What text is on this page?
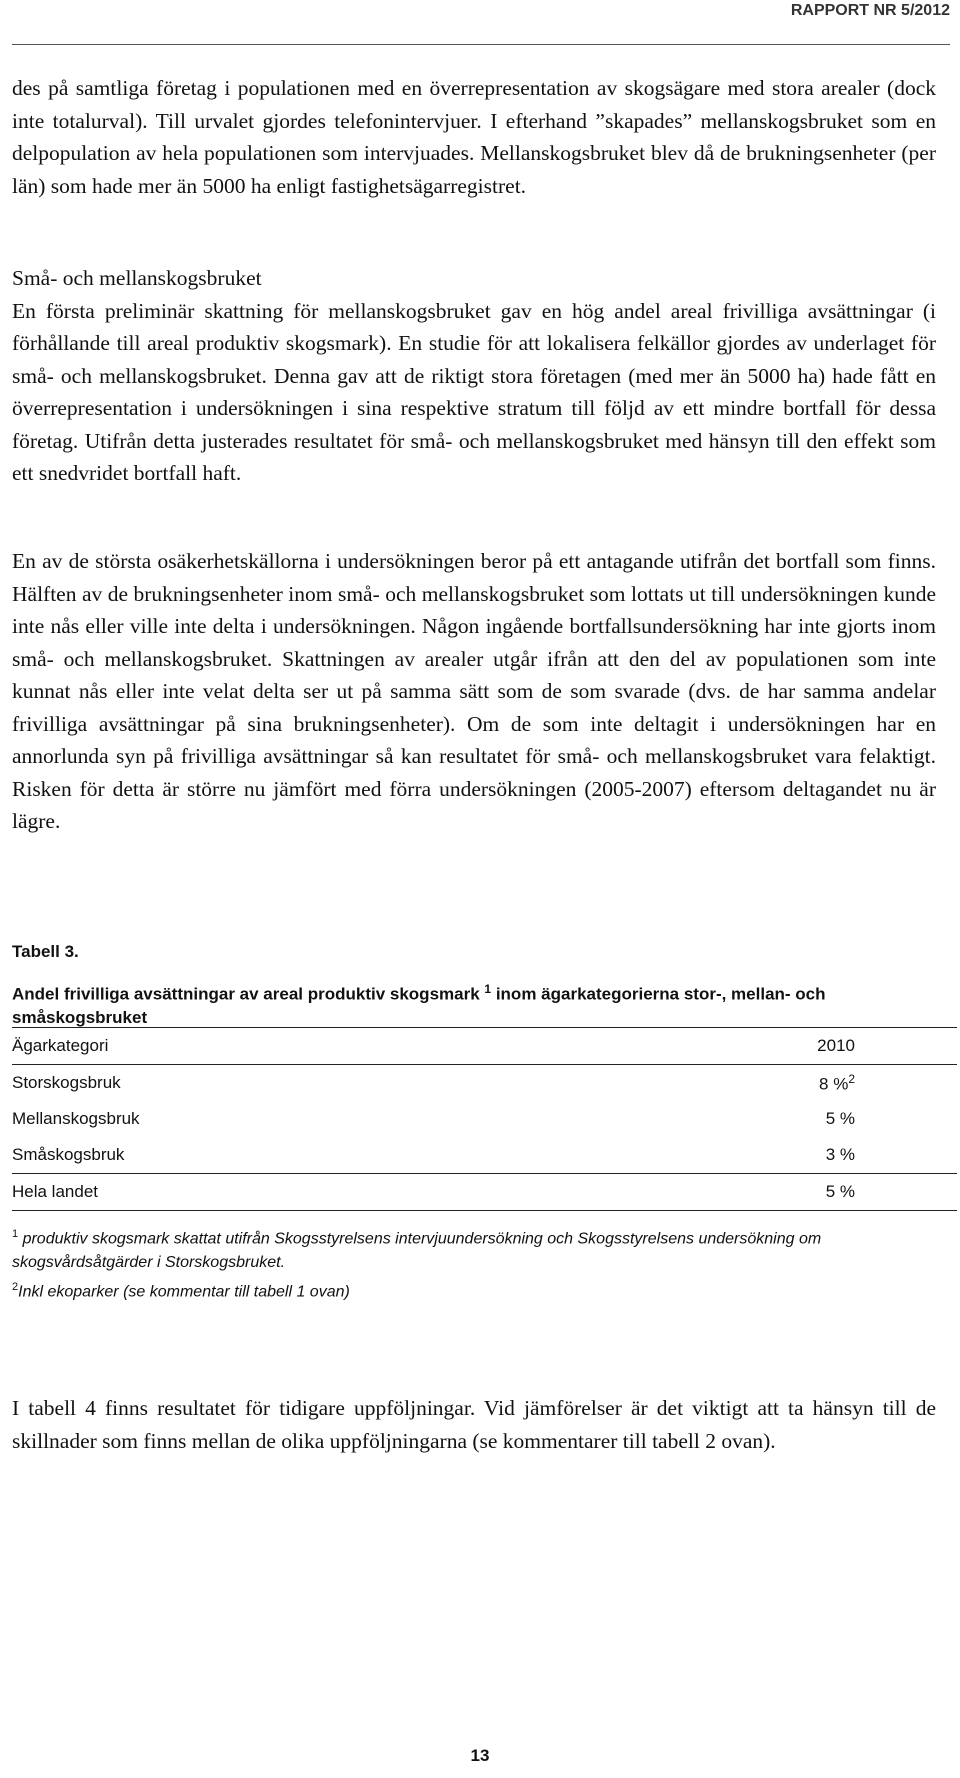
RAPPORT NR 5/2012

des på samtliga företag i populationen med en överrepresentation av skogsägare med stora arealer (dock inte totalurval). Till urvalet gjordes telefonintervjuer. I efterhand ”skapades” mellanskogsbruket som en delpopulation av hela populationen som intervjuades. Mellanskogsbruket blev då de brukningsenheter (per län) som hade mer än 5000 ha enligt fastighetsägarregistret.

Små- och mellanskogsbruket

En första preliminär skattning för mellanskogsbruket gav en hög andel areal frivilliga avsättningar (i förhållande till areal produktiv skogsmark). En studie för att lokalisera felkällor gjordes av underlaget för små- och mellanskogsbruket. Denna gav att de riktigt stora företagen (med mer än 5000 ha) hade fått en överrepresentation i undersökningen i sina respektive stratum till följd av ett mindre bortfall för dessa företag. Utifrån detta justerades resultatet för små- och mellanskogsbruket med hänsyn till den effekt som ett snedvridet bortfall haft.

En av de största osäkerhetskällorna i undersökningen beror på ett antagande utifrån det bortfall som finns. Hälften av de brukningsenheter inom små- och mellanskogsbruket som lottats ut till undersökningen kunde inte nås eller ville inte delta i undersökningen. Någon ingående bortfallsundersökning har inte gjorts inom små- och mellanskogsbruket. Skattningen av arealer utgår ifrån att den del av populationen som inte kunnat nås eller inte velat delta ser ut på samma sätt som de som svarade (dvs. de har samma andelar frivilliga avsättningar på sina brukningsenheter). Om de som inte deltagit i undersökningen har en annorlunda syn på frivilliga avsättningar så kan resultatet för små- och mellanskogsbruket vara felaktigt. Risken för detta är större nu jämfört med förra undersökningen (2005-2007) eftersom deltagandet nu är lägre.

Tabell 3.
Andel frivilliga avsättningar av areal produktiv skogsmark $^1$ inom ägarkategorierna stor-, mellan- och småskogsbruket
Ägarkategori	2010
Storskogsbruk	8 %$^2$
Mellanskogsbruk	5 %
Småskogsbruk	3 %
Hela landet	5 %

$^1$ produktiv skogsmark skattat utifrån Skogsstyrelsens intervjuundersökning och Skogsstyrelsens undersökning om skogsvårdsåtgärder i Storskogsbruket.

$^2$Inkl ekoparker (se kommentar till tabell 1 ovan)

I tabell 4 finns resultatet för tidigare uppföljningar. Vid jämförelser är det viktigt att ta hänsyn till de skillnader som finns mellan de olika uppföljningarna (se kommentarer till tabell 2 ovan).

13
